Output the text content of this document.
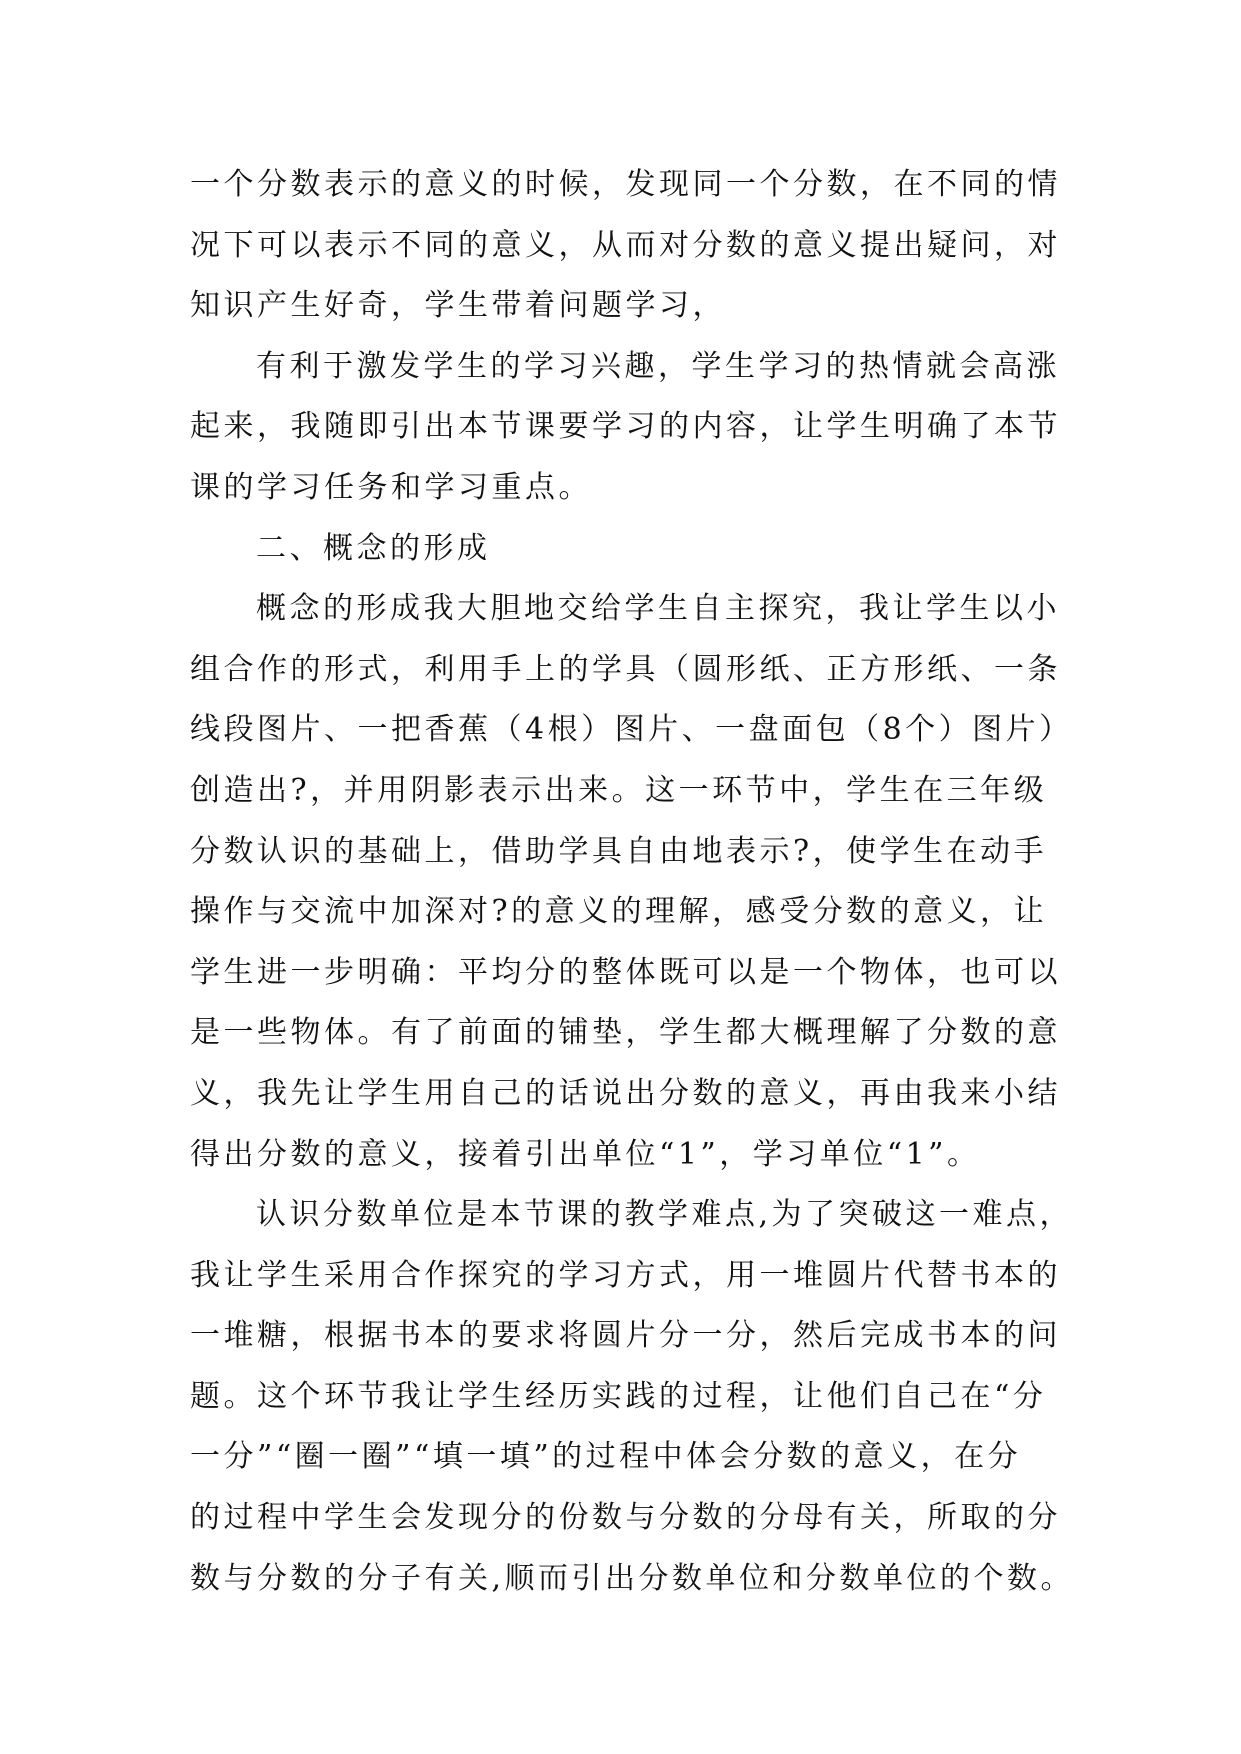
一个分数表示的意义的时候，发现同一个分数，在不同的情
况下可以表示不同的意义，从而对分数的意义提出疑问，对
知识产生好奇，学生带着问题学习，
有利于激发学生的学习兴趣，学生学习的热情就会高涨
起来，我随即引出本节课要学习的内容，让学生明确了本节
课的学习任务和学习重点。
二、概念的形成
概念的形成我大胆地交给学生自主探究，我让学生以小
组合作的形式，利用手上的学具（圆形纸、正方形纸、一条
线段图片、一把香蕉（4根）图片、一盘面包（8个）图片）
创造出?，并用阴影表示出来。这一环节中，学生在三年级
分数认识的基础上，借助学具自由地表示?，使学生在动手
操作与交流中加深对?的意义的理解，感受分数的意义，让
学生进一步明确：平均分的整体既可以是一个物体，也可以
是一些物体。有了前面的铺垫，学生都大概理解了分数的意
义，我先让学生用自己的话说出分数的意义，再由我来小结
得出分数的意义，接着引出单位“1”，学习单位“1”。
认识分数单位是本节课的教学难点,为了突破这一难点，
我让学生采用合作探究的学习方式，用一堆圆片代替书本的
一堆糖，根据书本的要求将圆片分一分，然后完成书本的问
题。这个环节我让学生经历实践的过程，让他们自己在“分
一分”“圈一圈”“填一填”的过程中体会分数的意义，在分
的过程中学生会发现分的份数与分数的分母有关，所取的分
数与分数的分子有关,顺而引出分数单位和分数单位的个数。
